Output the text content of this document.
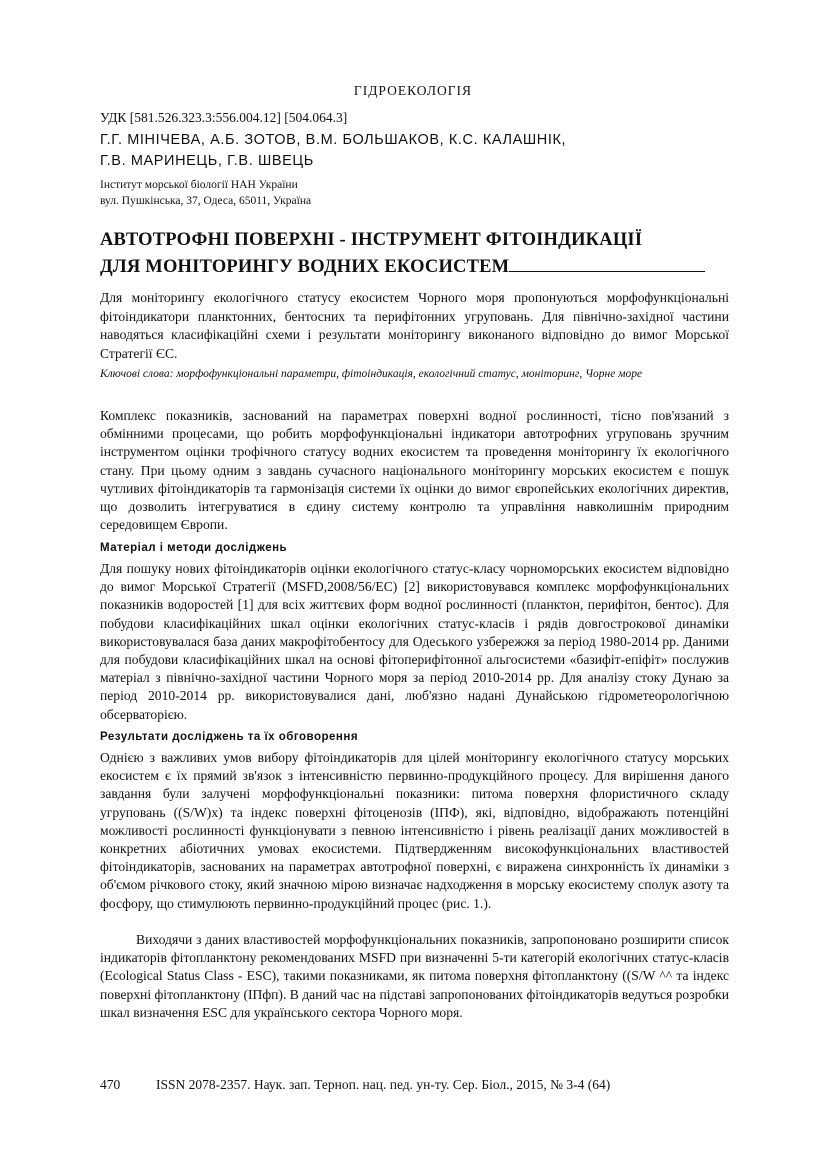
ГІДРОЕКОЛОГІЯ
УДК [581.526.323.3:556.004.12] [504.064.3]
Г.Г. МІНІЧЕВА, А.Б. ЗОТОВ, В.М. БОЛЬШАКОВ, К.С. КАЛАШНІК,
Г.В. МАРИНЕЦЬ, Г.В. ШВЕЦЬ
Інститут морської біології НАН України
вул. Пушкінська, 37, Одеса, 65011, Україна
АВТОТРОФНІ ПОВЕРХНІ - ІНСТРУМЕНТ ФІТОІНДИКАЦІЇ
ДЛЯ МОНІТОРИНГУ ВОДНИХ ЕКОСИСТЕМ
Для моніторингу екологічного статусу екосистем Чорного моря пропонуються морфофункціональні фітоіндикатори планктонних, бентосних та перифітонних угруповань. Для північно-західної частини наводяться класифікаційні схеми і результати моніторингу виконаного відповідно до вимог Морської Стратегії ЄС.
Ключові слова: морфофункціональні параметри, фітоіндикація, екологічний статус, моніторинг, Чорне море
Комплекс показників, заснований на параметрах поверхні водної рослинності, тісно пов'язаний з обмінними процесами, що робить морфофункціональні індикатори автотрофних угруповань зручним інструментом оцінки трофічного статусу водних екосистем та проведення моніторингу їх екологічного стану. При цьому одним з завдань сучасного національного моніторингу морських екосистем є пошук чутливих фітоіндикаторів та гармонізація системи їх оцінки до вимог європейських екологічних директив, що дозволить інтегруватися в єдину систему контролю та управління навколишнім природним середовищем Європи.
Матеріал і методи досліджень
Для пошуку нових фітоіндикаторів оцінки екологічного статус-класу чорноморських екосистем відповідно до вимог Морської Стратегії (MSFD,2008/56/ЕС) [2] використовувався комплекс морфофункціональних показників водоростей [1] для всіх життєвих форм водної рослинності (планктон, перифітон, бентос). Для побудови класифікаційних шкал оцінки екологічних статус-класів і рядів довгострокової динаміки використовувалася база даних макрофітобентосу для Одеського узбережжя за період 1980-2014 рр. Даними для побудови класифікаційних шкал на основі фітоперифітонної альгосистеми «базифіт-епіфіт» послужив матеріал з північно-західної частини Чорного моря за період 2010-2014 рр. Для аналізу стоку Дунаю за період 2010-2014 рр. використовувалися дані, люб'язно надані Дунайською гідрометеорологічною обсерваторією.
Результати досліджень та їх обговорення
Однією з важливих умов вибору фітоіндикаторів для цілей моніторингу екологічного статусу морських екосистем є їх прямий зв'язок з інтенсивністю первинно-продукційного процесу. Для вирішення даного завдання були залучені морфофункціональні показники: питома поверхня флористичного складу угруповань ((S/W)x) та індекс поверхні фітоценозів (ІПФ), які, відповідно, відображають потенційні можливості рослинності функціонувати з певною інтенсивністю і рівень реалізації даних можливостей в конкретних абіотичних умовах екосистеми. Підтвердженням високофункціональних властивостей фітоіндикаторів, заснованих на параметрах автотрофної поверхні, є виражена синхронність їх динаміки з об'ємом річкового стоку, який значною мірою визначає надходження в морську екосистему сполук азоту та фосфору, що стимулюють первинно-продукційний процес (рис. 1.).
Виходячи з даних властивостей морфофункціональних показників, запропоновано розширити список індикаторів фітопланктону рекомендованих MSFD при визначенні 5-ти категорій екологічних статус-класів (Ecological Status Class - ESC), такими показниками, як питома поверхня фітопланктону ((S/W ^^ та індекс поверхні фітопланктону (ІПфп). В даний час на підставі запропонованих фітоіндикаторів ведуться розробки шкал визначення ESC для українського сектора Чорного моря.
470	ISSN 2078-2357. Наук. зап. Терноп. нац. пед. ун-ту. Сер. Біол., 2015, № 3-4 (64)
